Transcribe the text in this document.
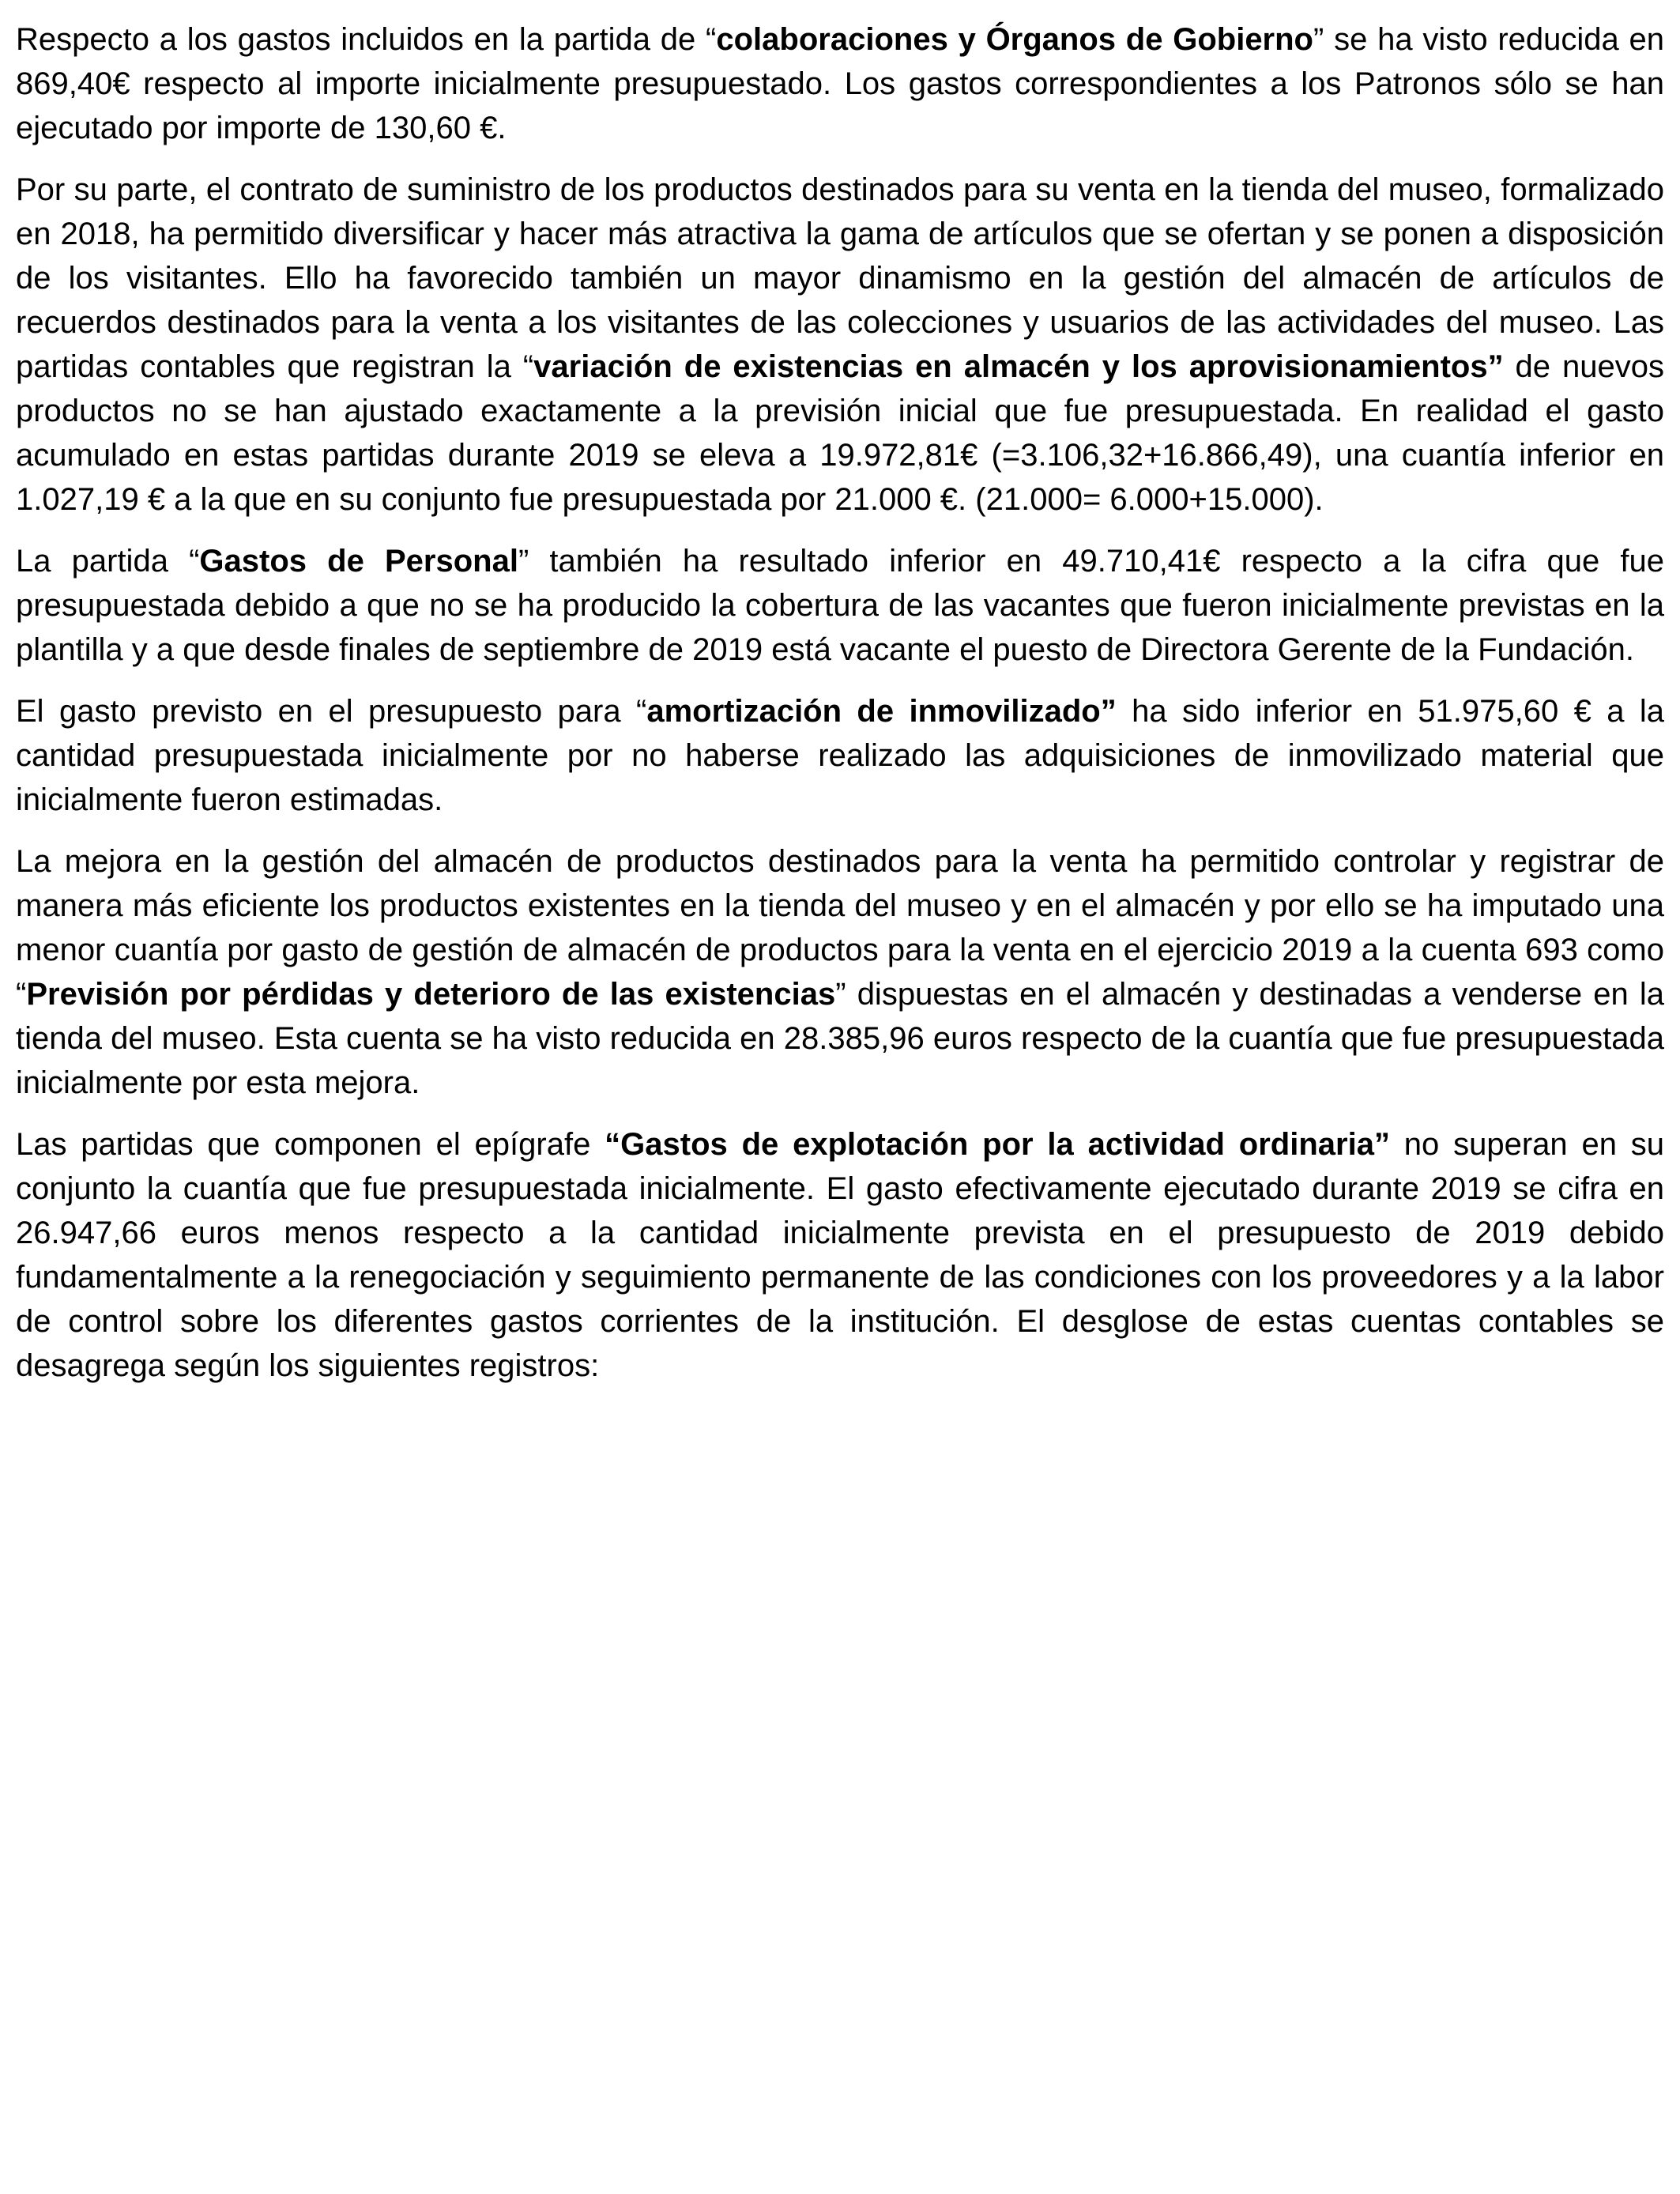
Respecto a los gastos incluidos en la partida de “colaboraciones y Órganos de Gobierno” se ha visto reducida en 869,40€ respecto al importe inicialmente presupuestado. Los gastos correspondientes a los Patronos sólo se han ejecutado por importe de 130,60 €.

Por su parte, el contrato de suministro de los productos destinados para su venta en la tienda del museo, formalizado en 2018, ha permitido diversificar y hacer más atractiva la gama de artículos que se ofertan y se ponen a disposición de los visitantes. Ello ha favorecido también un mayor dinamismo en la gestión del almacén de artículos de recuerdos destinados para la venta a los visitantes de las colecciones y usuarios de las actividades del museo. Las partidas contables que registran la “variación de existencias en almacén y los aprovisionamientos” de nuevos productos no se han ajustado exactamente a la previsión inicial que fue presupuestada. En realidad el gasto acumulado en estas partidas durante 2019 se eleva a 19.972,81€ (=3.106,32+16.866,49), una cuantía inferior en 1.027,19 € a la que en su conjunto fue presupuestada por 21.000 €. (21.000= 6.000+15.000).

La partida “Gastos de Personal” también ha resultado inferior en 49.710,41€ respecto a la cifra que fue presupuestada debido a que no se ha producido la cobertura de las vacantes que fueron inicialmente previstas en la plantilla y a que desde finales de septiembre de 2019 está vacante el puesto de Directora Gerente de la Fundación.

El gasto previsto en el presupuesto para “amortización de inmovilizado” ha sido inferior en 51.975,60 € a la cantidad presupuestada inicialmente por no haberse realizado las adquisiciones de inmovilizado material que inicialmente fueron estimadas.

La mejora en la gestión del almacén de productos destinados para la venta ha permitido controlar y registrar de manera más eficiente los productos existentes en la tienda del museo y en el almacén y por ello se ha imputado una menor cuantía por gasto de gestión de almacén de productos para la venta en el ejercicio 2019 a la cuenta 693 como “Previsión por pérdidas y deterioro de las existencias” dispuestas en el almacén y destinadas a venderse en la tienda del museo. Esta cuenta se ha visto reducida en 28.385,96 euros respecto de la cuantía que fue presupuestada inicialmente por esta mejora.

Las partidas que componen el epígrafe “Gastos de explotación por la actividad ordinaria” no superan en su conjunto la cuantía que fue presupuestada inicialmente. El gasto efectivamente ejecutado durante 2019 se cifra en 26.947,66 euros menos respecto a la cantidad inicialmente prevista en el presupuesto de 2019 debido fundamentalmente a la renegociación y seguimiento permanente de las condiciones con los proveedores y a la labor de control sobre los diferentes gastos corrientes de la institución. El desglose de estas cuentas contables se desagrega según los siguientes registros:
